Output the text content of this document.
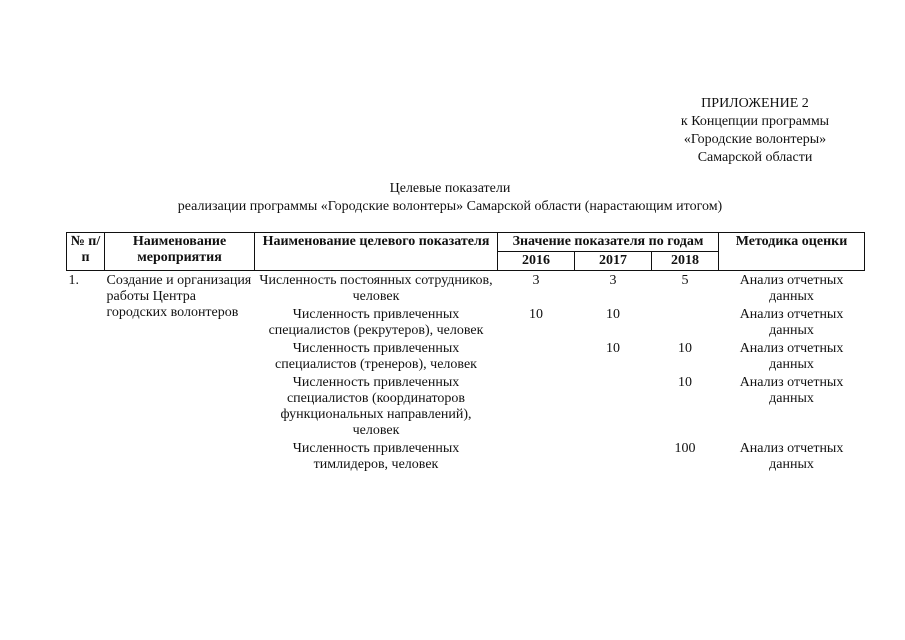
ПРИЛОЖЕНИЕ 2
к Концепции программы
«Городские волонтеры»
Самарской области
Целевые показатели
реализации программы «Городские волонтеры» Самарской области (нарастающим итогом)
№ п/п	Наименование мероприятия	Наименование целевого показателя	Значение показателя по годам			Методика оценки
			2016	2017	2018	
1.	Создание и организация работы Центра городских волонтеров	Численность постоянных сотрудников, человек	3	3	5	Анализ отчетных данных
		Численность привлеченных специалистов (рекрутеров), человек	10	10		Анализ отчетных данных
		Численность привлеченных специалистов (тренеров), человек		10	10	Анализ отчетных данных
		Численность привлеченных специалистов (координаторов функциональных направлений), человек			10	Анализ отчетных данных
		Численность привлеченных тимлидеров, человек			100	Анализ отчетных данных
